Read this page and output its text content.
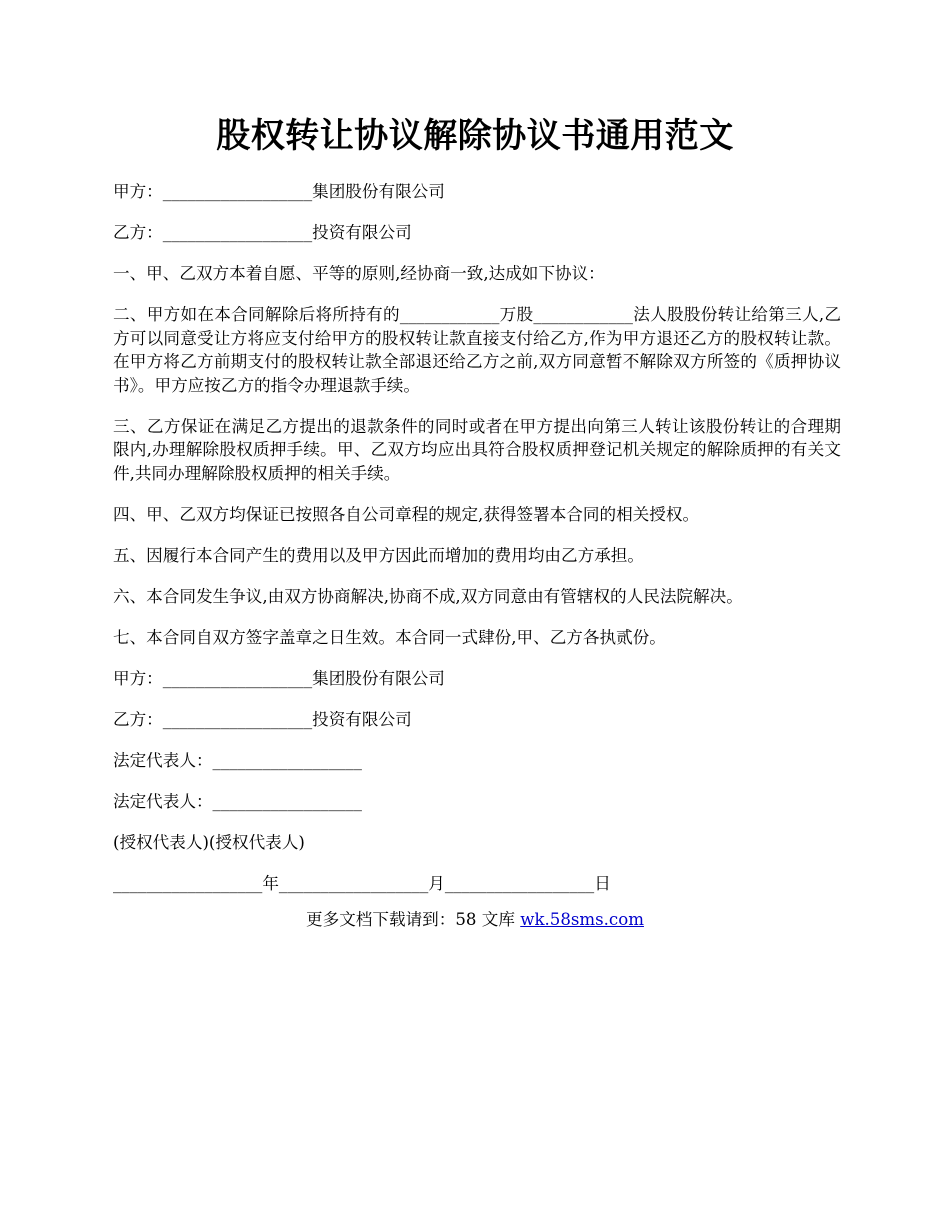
股权转让协议解除协议书通用范文

甲方：__________________集团股份有限公司

乙方：__________________投资有限公司

一、甲、乙双方本着自愿、平等的原则,经协商一致,达成如下协议：

二、甲方如在本合同解除后将所持有的____________万股____________法人股股份转让给第三人,乙方可以同意受让方将应支付给甲方的股权转让款直接支付给乙方,作为甲方退还乙方的股权转让款。在甲方将乙方前期支付的股权转让款全部退还给乙方之前,双方同意暂不解除双方所签的《质押协议书》。甲方应按乙方的指令办理退款手续。

三、乙方保证在满足乙方提出的退款条件的同时或者在甲方提出向第三人转让该股份转让的合理期限内,办理解除股权质押手续。甲、乙双方均应出具符合股权质押登记机关规定的解除质押的有关文件,共同办理解除股权质押的相关手续。

四、甲、乙双方均保证已按照各自公司章程的规定,获得签署本合同的相关授权。

五、因履行本合同产生的费用以及甲方因此而增加的费用均由乙方承担。

六、本合同发生争议,由双方协商解决,协商不成,双方同意由有管辖权的人民法院解决。

七、本合同自双方签字盖章之日生效。本合同一式肆份,甲、乙方各执贰份。

甲方：__________________集团股份有限公司

乙方：__________________投资有限公司

法定代表人：__________________

法定代表人：__________________

(授权代表人)(授权代表人)

__________________年__________________月__________________日

更多文档下载请到：58 文库 wk.58sms.com
